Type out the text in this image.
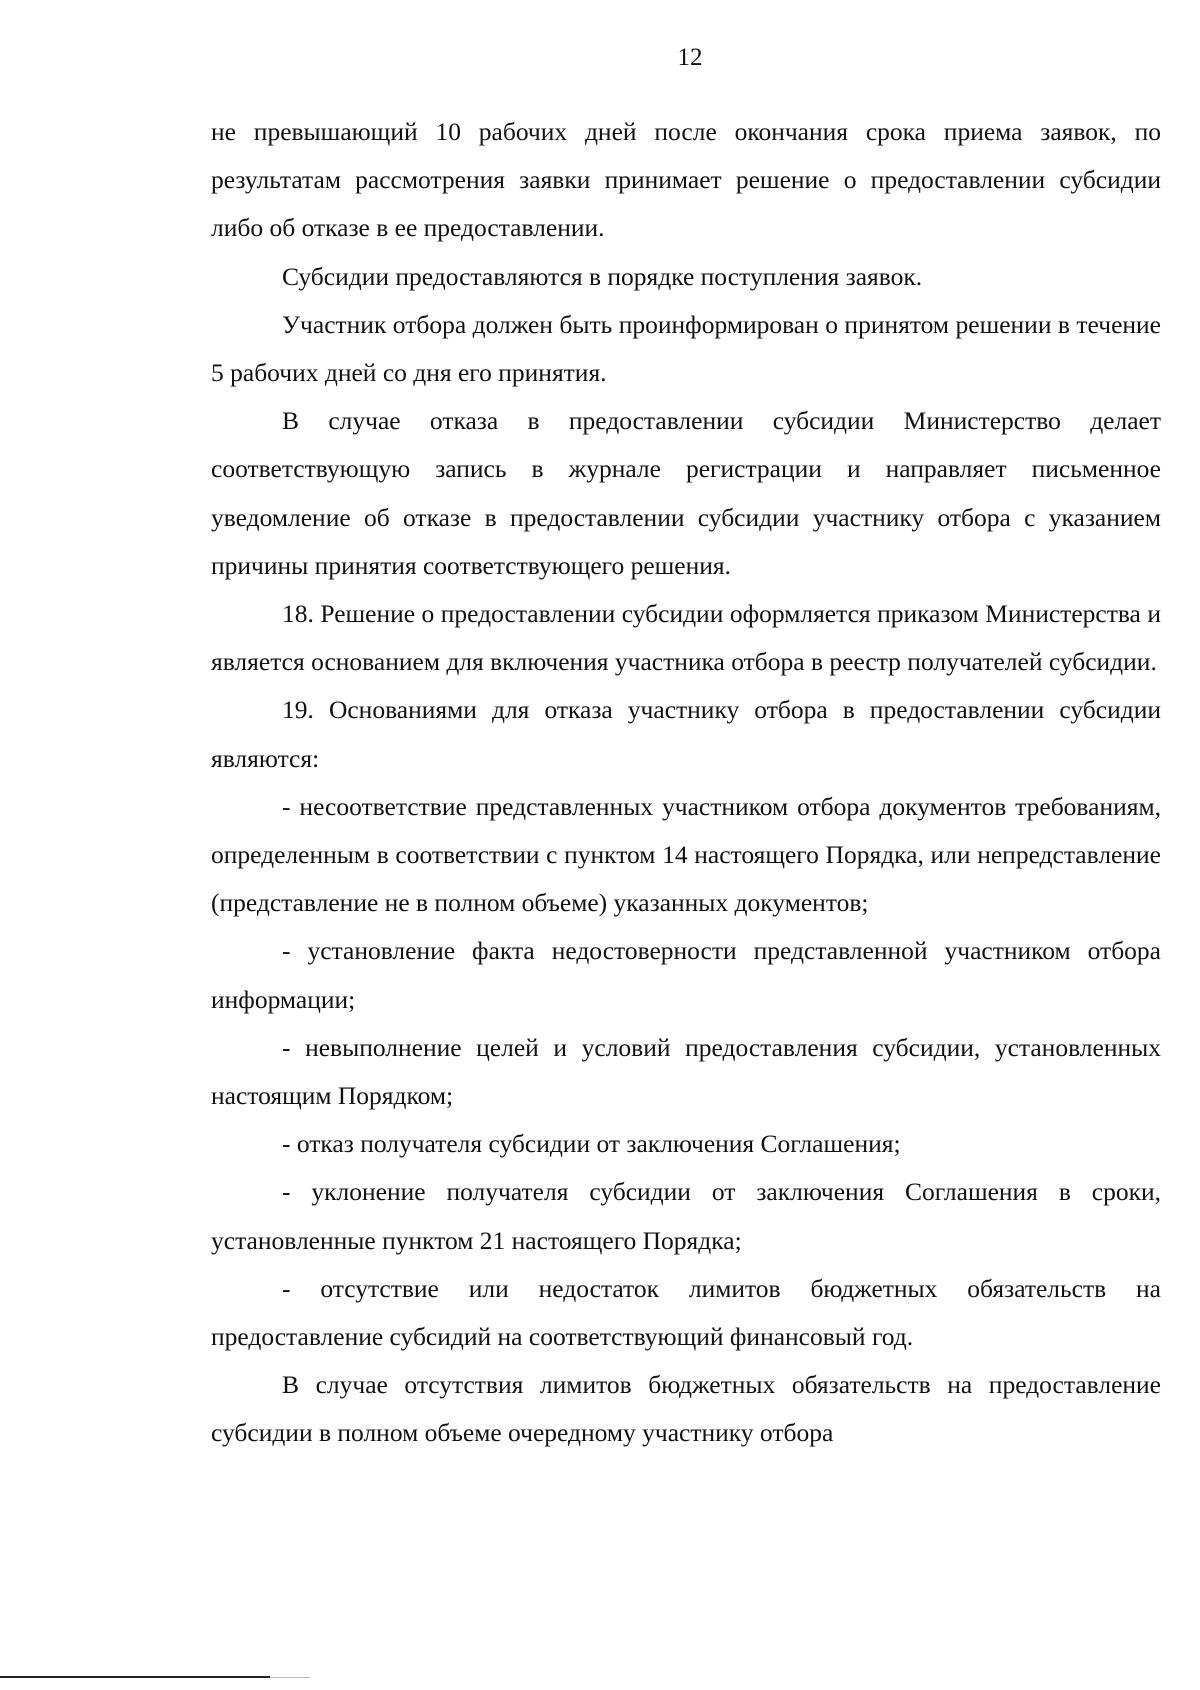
12

не превышающий 10 рабочих дней после окончания срока приема заявок, по результатам рассмотрения заявки принимает решение о предоставлении субсидии либо об отказе в ее предоставлении.

Субсидии предоставляются в порядке поступления заявок.

Участник отбора должен быть проинформирован о принятом решении в течение 5 рабочих дней со дня его принятия.

В случае отказа в предоставлении субсидии Министерство делает соответствующую запись в журнале регистрации и направляет письменное уведомление об отказе в предоставлении субсидии участнику отбора с указанием причины принятия соответствующего решения.

18. Решение о предоставлении субсидии оформляется приказом Министерства и является основанием для включения участника отбора в реестр получателей субсидии.

19. Основаниями для отказа участнику отбора в предоставлении субсидии являются:

- несоответствие представленных участником отбора документов требованиям, определенным в соответствии с пунктом 14 настоящего Порядка, или непредставление (представление не в полном объеме) указанных документов;

- установление факта недостоверности представленной участником отбора информации;

- невыполнение целей и условий предоставления субсидии, установленных настоящим Порядком;

- отказ получателя субсидии от заключения Соглашения;

- уклонение получателя субсидии от заключения Соглашения в сроки, установленные пунктом 21 настоящего Порядка;

- отсутствие или недостаток лимитов бюджетных обязательств на предоставление субсидий на соответствующий финансовый год.

В случае отсутствия лимитов бюджетных обязательств на предоставление субсидии в полном объеме очередному участнику отбора
